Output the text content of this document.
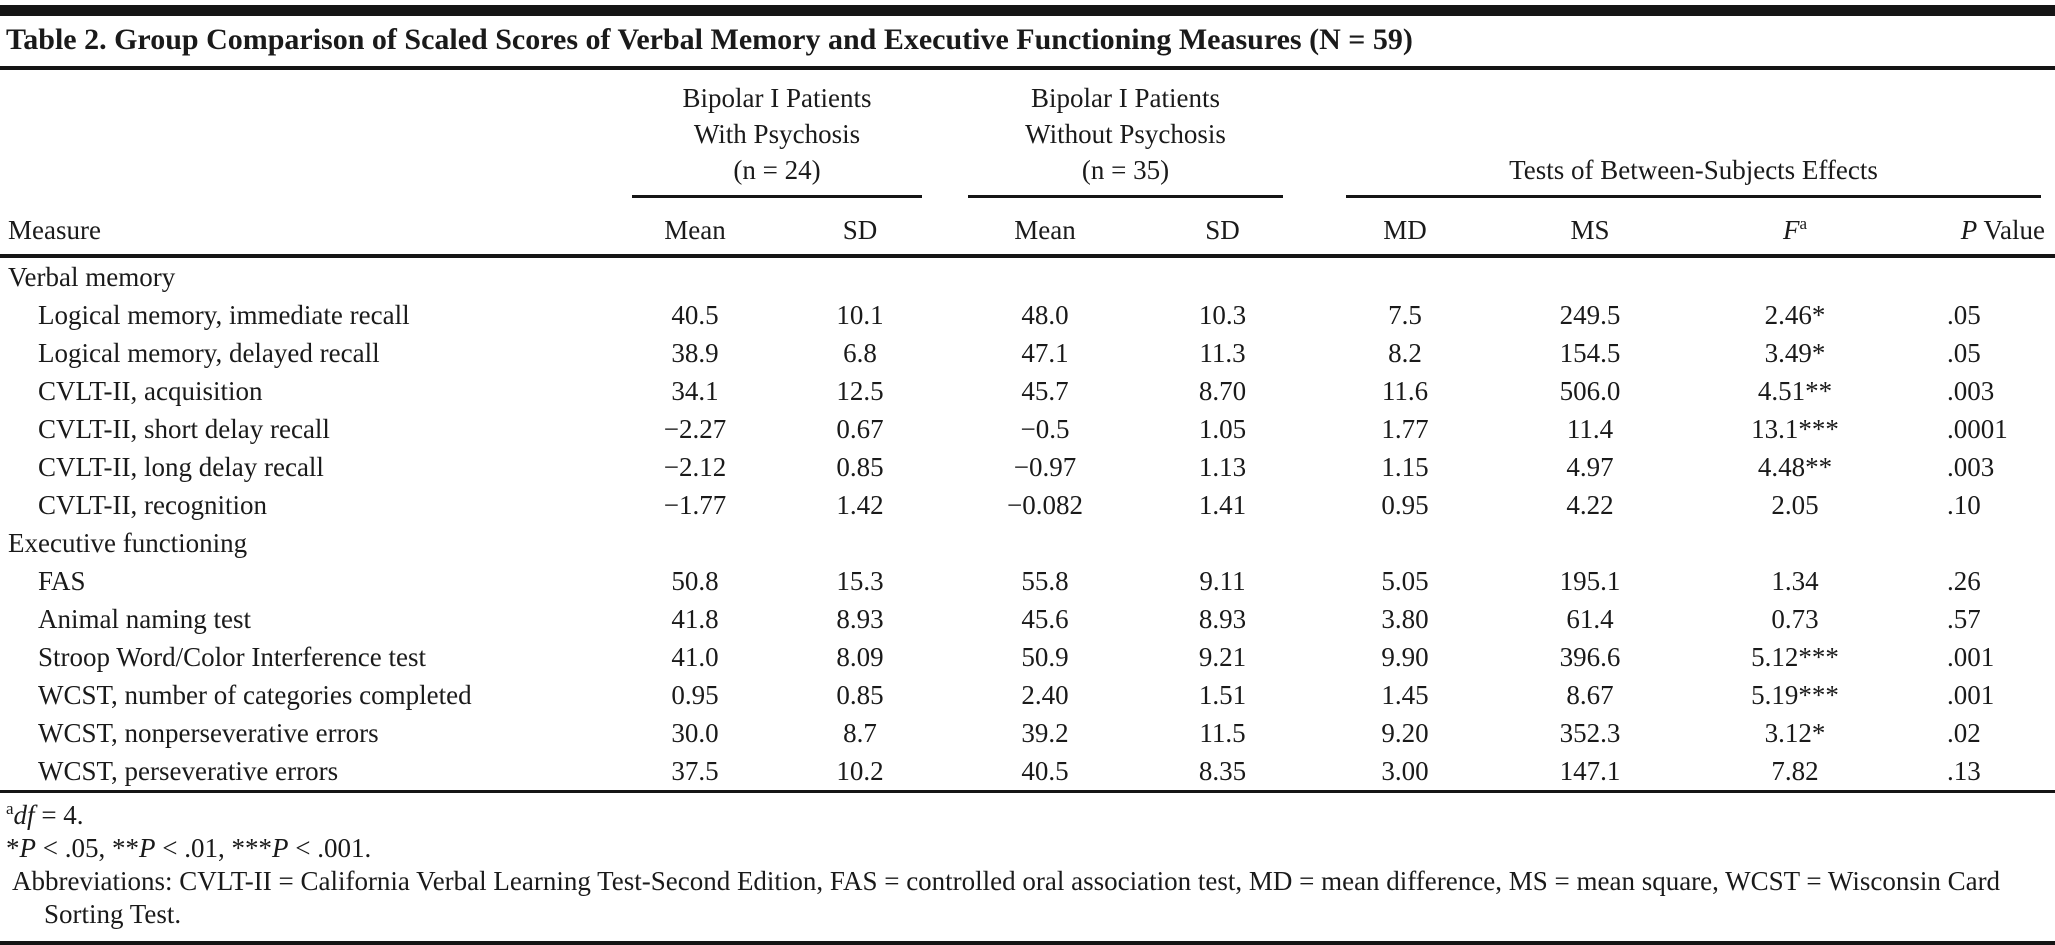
Table 2. Group Comparison of Scaled Scores of Verbal Memory and Executive Functioning Measures (N = 59)

Bipolar I Patients
With Psychosis
(n = 24)

Bipolar I Patients
Without Psychosis
(n = 35)		Tests of Between-Subjects Effects

Measure	Mean	SD	Mean	SD		MD	MS	$F^a$	P Value
Verbal memory									
Logical memory, immediate recall	40.5	10.1	48.0	10.3		7.5	249.5	2.46*	.05
Logical memory, delayed recall	38.9	6.8	47.1	11.3		8.2	154.5	3.49*	.05
CVLT-II, acquisition	34.1	12.5	45.7	8.70		11.6	506.0	4.51**	.003
CVLT-II, short delay recall	−2.27	0.67	−0.5	1.05		1.77	11.4	13.1***	.0001
CVLT-II, long delay recall	−2.12	0.85	−0.97	1.13		1.15	4.97	4.48**	.003
CVLT-II, recognition	−1.77	1.42	−0.082	1.41		0.95	4.22	2.05	.10
Executive functioning									
FAS	50.8	15.3	55.8	9.11		5.05	195.1	1.34	.26
Animal naming test	41.8	8.93	45.6	8.93		3.80	61.4	0.73	.57
Stroop Word/Color Interference test	41.0	8.09	50.9	9.21		9.90	396.6	5.12***	.001
WCST, number of categories completed	0.95	0.85	2.40	1.51		1.45	8.67	5.19***	.001
WCST, nonperseverative errors	30.0	8.7	39.2	11.5		9.20	352.3	3.12*	.02
WCST, perseverative errors	37.5	10.2	40.5	8.35		3.00	147.1	7.82	.13
$^a$df = 4.
*P < .05, **P < .01, ***P < .001.
Abbreviations: CVLT-II = California Verbal Learning Test-Second Edition, FAS = controlled oral association test, MD = mean difference, MS = mean square, WCST = Wisconsin Card Sorting Test.
